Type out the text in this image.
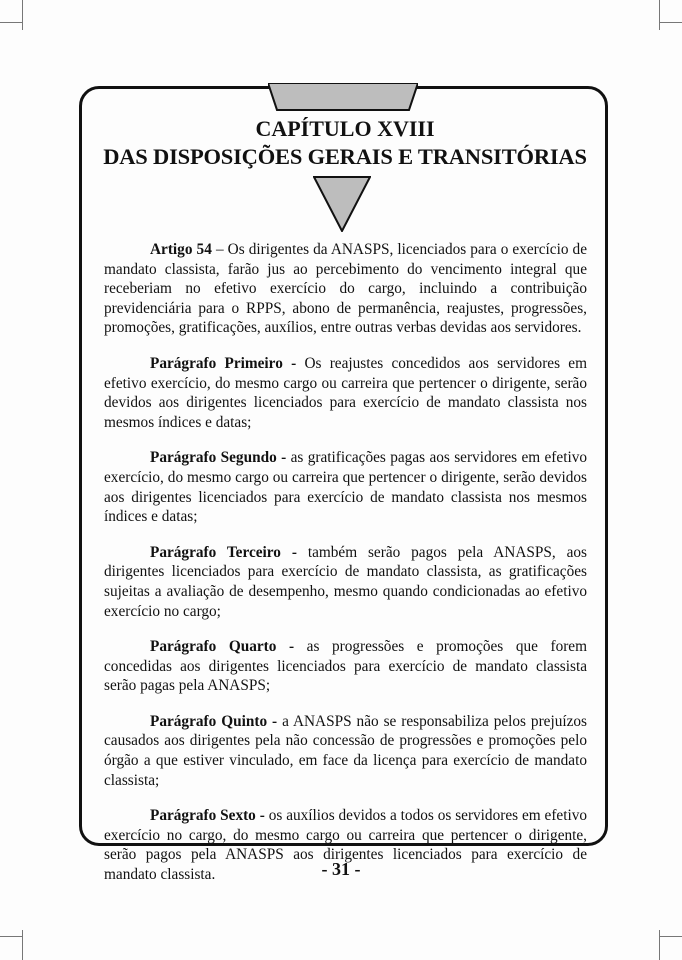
CAPÍTULO XVIII
DAS DISPOSIÇÕES GERAIS E TRANSITÓRIAS

Artigo 54 – Os dirigentes da ANASPS, licenciados para o exercício de mandato classista, farão jus ao percebimento do vencimento integral que receberiam no efetivo exercício do cargo, incluindo a contribuição previdenciária para o RPPS, abono de permanência, reajustes, progressões, promoções, gratificações, auxílios, entre outras verbas devidas aos servidores.

Parágrafo Primeiro - Os reajustes concedidos aos servidores em efetivo exercício, do mesmo cargo ou carreira que pertencer o dirigente, serão devidos aos dirigentes licenciados para exercício de mandato classista nos mesmos índices e datas;

Parágrafo Segundo - as gratificações pagas aos servidores em efetivo exercício, do mesmo cargo ou carreira que pertencer o dirigente, serão devidos aos dirigentes licenciados para exercício de mandato classista nos mesmos índices e datas;

Parágrafo Terceiro - também serão pagos pela ANASPS, aos dirigentes licenciados para exercício de mandato classista, as gratificações sujeitas a avaliação de desempenho, mesmo quando condicionadas ao efetivo exercício no cargo;

Parágrafo Quarto - as progressões e promoções que forem concedidas aos dirigentes licenciados para exercício de mandato classista serão pagas pela ANASPS;

Parágrafo Quinto - a ANASPS não se responsabiliza pelos prejuízos causados aos dirigentes pela não concessão de progressões e promoções pelo órgão a que estiver vinculado, em face da licença para exercício de mandato classista;

Parágrafo Sexto - os auxílios devidos a todos os servidores em efetivo exercício no cargo, do mesmo cargo ou carreira que pertencer o dirigente, serão pagos pela ANASPS aos dirigentes licenciados para exercício de mandato classista.	- 31 -
